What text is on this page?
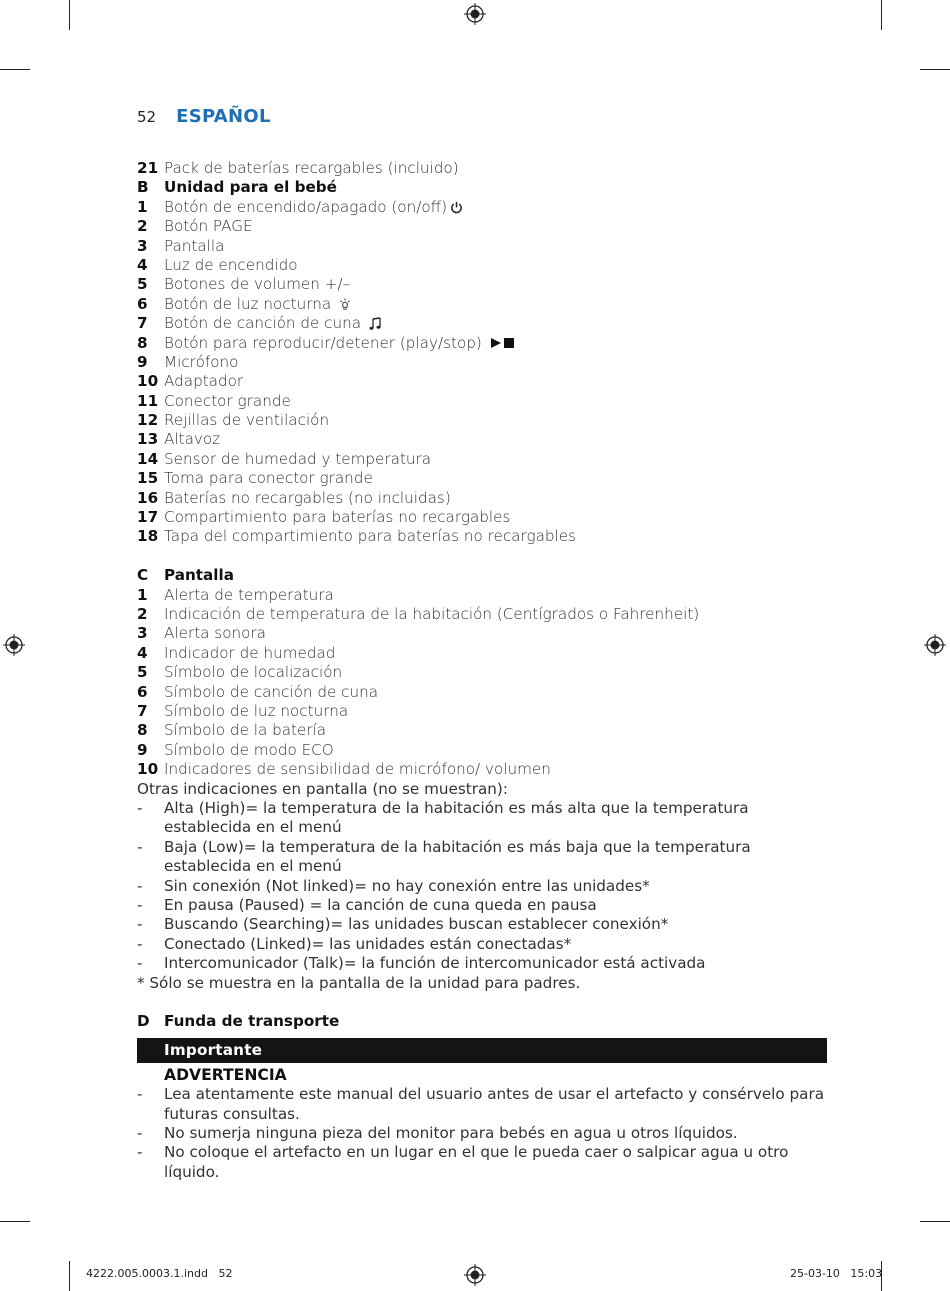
52 ESPAÑOL
21 Pack de baterías recargables (incluido)
B	Unidad para el bebé
1	Botón de encendido/apagado (on/off)
2	Botón PAGE
3	Pantalla
4	Luz de encendido
5	Botones de volumen +/–
6	Botón de luz nocturna
7	Botón de canción de cuna
8	Botón para reproducir/detener (play/stop)
9	Micrófono
10 Adaptador
11 Conector grande
12 Rejillas de ventilación
13 Altavoz
14 Sensor de humedad y temperatura
15 Toma para conector grande
16 Baterías no recargables (no incluidas)
17 Compartimiento para baterías no recargables
18 Tapa del compartimiento para baterías no recargables
C	Pantalla
1	Alerta de temperatura
2	Indicación de temperatura de la habitación (Centígrados o Fahrenheit)
3	Alerta sonora
4	Indicador de humedad
5	Símbolo de localización
6	Símbolo de canción de cuna
7	Símbolo de luz nocturna
8	Símbolo de la batería
9	Símbolo de modo ECO
10 Indicadores de sensibilidad de micrófono/ volumen
Otras indicaciones en pantalla (no se muestran):
-	Alta (High)= la temperatura de la habitación es más alta que la temperatura establecida en el menú
-	Baja (Low)= la temperatura de la habitación es más baja que la temperatura establecida en el menú
-	Sin conexión (Not linked)= no hay conexión entre las unidades*
-	En pausa (Paused) = la canción de cuna queda en pausa
-	Buscando (Searching)= las unidades buscan establecer conexión*
-	Conectado (Linked)= las unidades están conectadas*
-	Intercomunicador (Talk)= la función de intercomunicador está activada
* Sólo se muestra en la pantalla de la unidad para padres.
D Funda de transporte
Importante
ADVERTENCIA
-	Lea atentamente este manual del usuario antes de usar el artefacto y consérvelo para futuras consultas.
-	No sumerja ninguna pieza del monitor para bebés en agua u otros líquidos.
-	No coloque el artefacto en un lugar en el que le pueda caer o salpicar agua u otro líquido.
4222.005.0003.1.indd   52	25-03-10   15:03
